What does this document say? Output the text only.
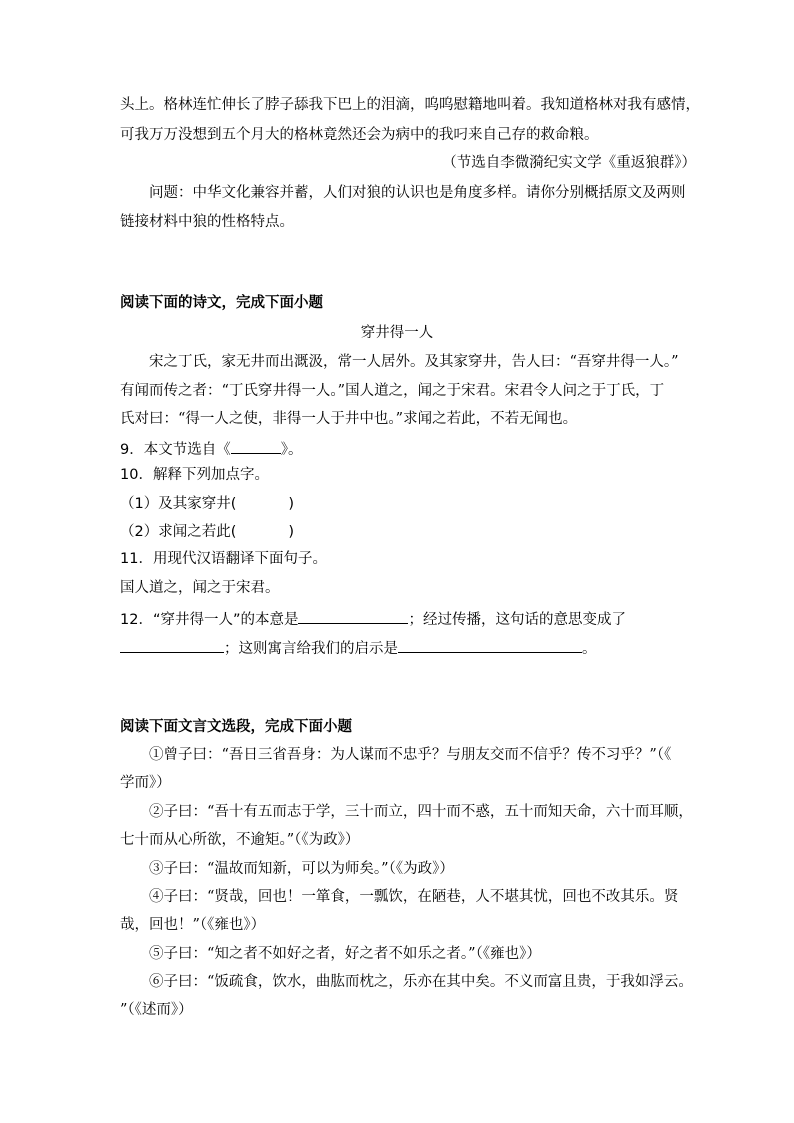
头上。格林连忙伸长了脖子舔我下巴上的泪滴，呜呜慰籍地叫着。我知道格林对我有感情，
可我万万没想到五个月大的格林竟然还会为病中的我叼来自己存的救命粮。
（节选自李微漪纪实文学《重返狼群》）
问题：中华文化兼容并蓄，人们对狼的认识也是角度多样。请你分别概括原文及两则
链接材料中狼的性格特点。
阅读下面的诗文，完成下面小题
穿井得一人
宋之丁氏，家无井而出溉汲，常一人居外。及其家穿井，告人曰：“吾穿井得一人。”
有闻而传之者：“丁氏穿井得一人。”国人道之，闻之于宋君。宋君令人问之于丁氏，丁
氏对曰：“得一人之使，非得一人于井中也。”求闻之若此，不若无闻也。
9．本文节选自《	》。
10．解释下列加点字。
（1）及其家穿井(	)
（2）求闻之若此(	)
11．用现代汉语翻译下面句子。
国人道之，闻之于宋君。
12．“穿井得一人”的本意是	；经过传播，这句话的意思变成了
；这则寓言给我们的启示是	。
阅读下面文言文选段，完成下面小题
①曾子曰：“吾日三省吾身：为人谋而不忠乎？与朋友交而不信乎？传不习乎？”（《
学而》）
②子曰：“吾十有五而志于学，三十而立，四十而不惑，五十而知天命，六十而耳顺，
七十而从心所欲，不逾矩。”（《为政》）
③子曰：“温故而知新，可以为师矣。”（《为政》）
④子曰：“贤哉，回也！一箪食，一瓢饮，在陋巷，人不堪其忧，回也不改其乐。贤
哉，回也！”（《雍也》）
⑤子曰：“知之者不如好之者，好之者不如乐之者。”（《雍也》）
⑥子曰：“饭疏食，饮水，曲肱而枕之，乐亦在其中矣。不义而富且贵，于我如浮云。
”（《述而》）
